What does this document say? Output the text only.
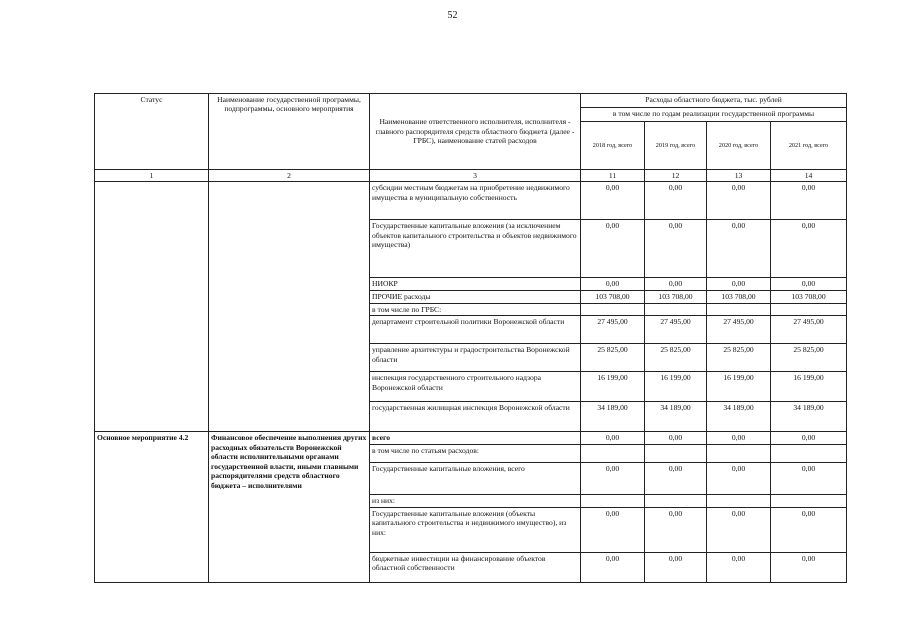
52
Статус	Наименование государственной программы, подпрограммы, основного мероприятия	Наименование ответственного исполнителя, исполнителя - главного распорядителя средств областного бюджета (далее - ГРБС), наименование статей расходов	Расходы областного бюджета, тыс. рублей			
			в том числе по годам реализации государственной программы			
			2018 год, всего	2019 год, всего	2020 год, всего	2021 год, всего
1	2	3	11	12	13	14
		субсидии местным бюджетам на приобретение недвижимого имущества в муниципальную собственность	0,00	0,00	0,00	0,00
		Государственные капитальные вложения (за исключением объектов капитального строительства и объектов недвижимого имущества)	0,00	0,00	0,00	0,00
		НИОКР	0,00	0,00	0,00	0,00
		ПРОЧИЕ расходы	103 708,00	103 708,00	103 708,00	103 708,00
		в том числе по ГРБС:				
		департамент строительной политики Воронежской области	27 495,00	27 495,00	27 495,00	27 495,00
		управление архитектуры и градостроительства Воронежской области	25 825,00	25 825,00	25 825,00	25 825,00
		инспекция государственного строительного надзора Воронежской области	16 199,00	16 199,00	16 199,00	16 199,00
		государственная жилищная инспекция Воронежской области	34 189,00	34 189,00	34 189,00	34 189,00
Основное мероприятие 4.2	Финансовое обеспечение выполнения других расходных обязательств Воронежской области исполнительными органами государственной власти, иными главными распорядителями средств областного бюджета – исполнителями	всего	0,00	0,00	0,00	0,00
		в том числе по статьям расходов:				
		Государственные капитальные вложения, всего	0,00	0,00	0,00	0,00
		из них:				
		Государственные капитальные вложения (объекты капитального строительства и недвижимого имущество), из них:	0,00	0,00	0,00	0,00
		бюджетные инвестиции на финансирование объектов областной собственности	0,00	0,00	0,00	0,00
